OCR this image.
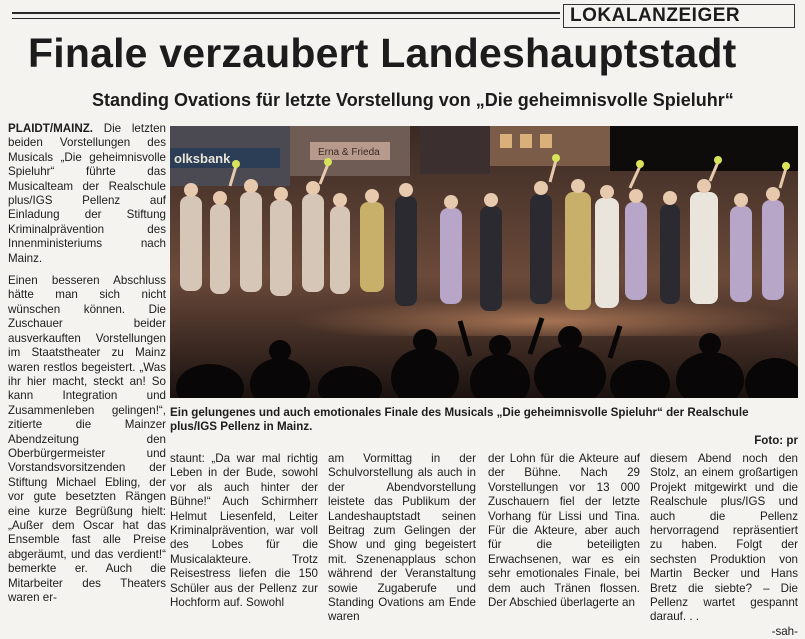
LOKALANZEIGER
Finale verzaubert Landeshauptstadt
Standing Ovations für letzte Vorstellung von „Die geheimnisvolle Spieluhr“

PLAIDT/MAINZ. Die letzten beiden Vorstellungen des Musicals „Die geheimnisvolle Spieluhr“ führte das Musicalteam der Realschule plus/IGS Pellenz auf Einladung der Stiftung Kriminalprävention des Innenministeriums nach Mainz.

Einen besseren Abschluss hätte man sich nicht wünschen können. Die Zuschauer beider ausverkauften Vorstellungen im Staatstheater zu Mainz waren restlos begeistert. „Was ihr hier macht, steckt an! So kann Integration und Zusammenleben gelingen!“, zitierte die Mainzer Abendzeitung den Oberbürgermeister und Vorstandsvorsitzenden der Stiftung Michael Ebling, der vor gute besetzten Rängen eine kurze Begrüßung hielt: „Außer dem Oscar hat das Ensemble fast alle Preise abgeräumt, und das verdient!“ bemerkte er. Auch die Mitarbeiter des Theaters waren er-

olksbank	Erna & Frieda
Ein gelungenes und auch emotionales Finale des Musicals „Die geheimnisvolle Spieluhr“ der Realschule plus/IGS Pellenz in Mainz.
Foto: pr

staunt: „Da war mal richtig Leben in der Bude, sowohl vor als auch hinter der Bühne!“ Auch Schirmherr Helmut Liesenfeld, Leiter Kriminalprävention, war voll des Lobes für die Musicalakteure. Trotz Reisestress liefen die 150 Schüler aus der Pellenz zur Hochform auf. Sowohl

am Vormittag in der Schulvorstellung als auch in der Abendvorstellung leistete das Publikum der Landeshauptstadt seinen Beitrag zum Gelingen der Show und ging begeistert mit. Szenenapplaus schon während der Veranstaltung sowie Zugaberufe und Standing Ovations am Ende waren

der Lohn für die Akteure auf der Bühne. Nach 29 Vorstellungen vor 13 000 Zuschauern fiel der letzte Vorhang für Lissi und Tina. Für die Akteure, aber auch für die beteiligten Erwachsenen, war es ein sehr emotionales Finale, bei dem auch Tränen flossen. Der Abschied überlagerte an

diesem Abend noch den Stolz, an einem großartigen Projekt mitgewirkt und die Realschule plus/IGS und auch die Pellenz hervorragend repräsentiert zu haben. Folgt der sechsten Produktion von Martin Becker und Hans Bretz die siebte? – Die Pellenz wartet gespannt darauf. . .

-sah-
